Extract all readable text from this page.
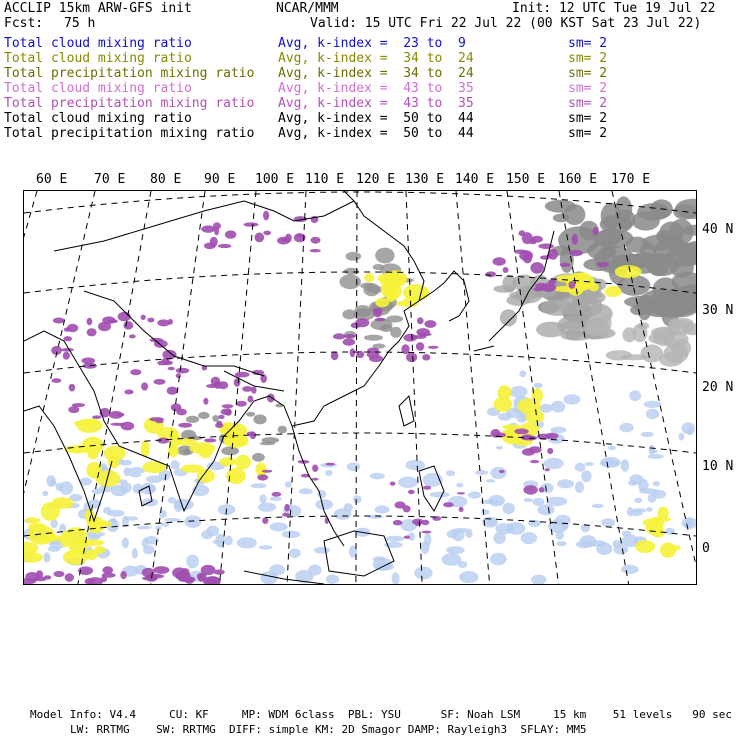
ACCLIP 15km ARW-GFS init	NCAR/MMM	Init: 12 UTC Tue 19 Jul 22
Fcst: 75 h	Valid: 15 UTC Fri 22 Jul 22 (00 KST Sat 23 Jul 22)
Total cloud mixing ratio	Avg, k-index =  23 to  9	sm= 2
Total cloud mixing ratio	Avg, k-index =  34 to  24	sm= 2
Total precipitation mixing ratio Avg, k-index =  34 to  24	sm= 2
Total cloud mixing ratio	Avg, k-index =  43 to  35	sm= 2
Total precipitation mixing ratio Avg, k-index =  43 to  35	sm= 2
Total cloud mixing ratio	Avg, k-index =  50 to  44	sm= 2
Total precipitation mixing ratio Avg, k-index =  50 to  44	sm= 2
60 E 70 E 80 E 90 E 100 E 110 E 120 E 130 E 140 E 150 E 160 E 170 E
40 N
30 N
20 N
10 N
0
Model Info: V4.4     CU: KF     MP: WDM 6class  PBL: YSU      SF: Noah LSM     15 km    51 levels   90 sec
LW: RRTMG    SW: RRTMG  DIFF: simple KM: 2D Smagor DAMP: Rayleigh3  SFLAY: MM5
